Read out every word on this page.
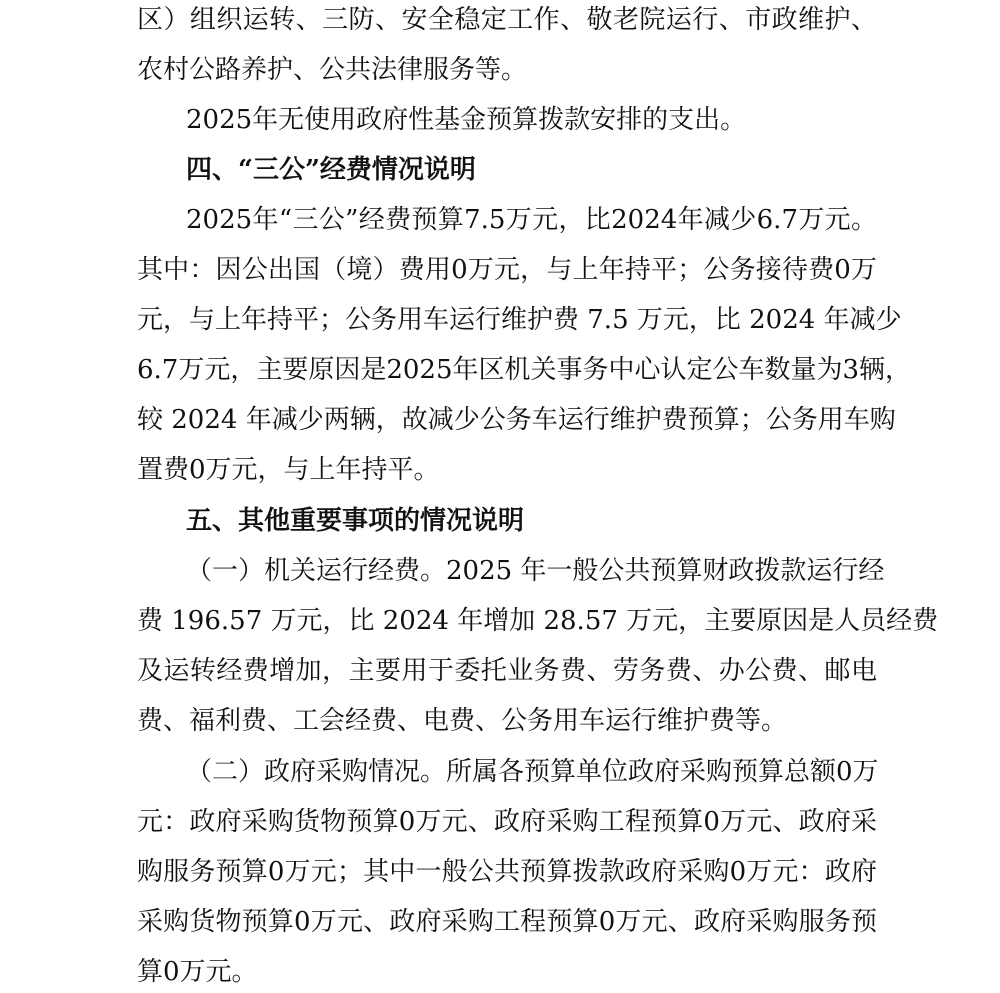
区）组织运转、三防、安全稳定工作、敬老院运行、市政维护、
农村公路养护、公共法律服务等。
2025年无使用政府性基金预算拨款安排的支出。
四、“三公”经费情况说明
2025年“三公”经费预算7.5万元，比2024年减少6.7万元。
其中：因公出国（境）费用0万元，与上年持平；公务接待费0万
元，与上年持平；公务用车运行维护费 7.5 万元，比 2024 年减少
6.7万元，主要原因是2025年区机关事务中心认定公车数量为3辆，
较 2024 年减少两辆，故减少公务车运行维护费预算；公务用车购
置费0万元，与上年持平。
五、其他重要事项的情况说明
（一）机关运行经费。2025 年一般公共预算财政拨款运行经
费 196.57 万元，比 2024 年增加 28.57 万元，主要原因是人员经费
及运转经费增加，主要用于委托业务费、劳务费、办公费、邮电
费、福利费、工会经费、电费、公务用车运行维护费等。
（二）政府采购情况。所属各预算单位政府采购预算总额0万
元：政府采购货物预算0万元、政府采购工程预算0万元、政府采
购服务预算0万元；其中一般公共预算拨款政府采购0万元：政府
采购货物预算0万元、政府采购工程预算0万元、政府采购服务预
算0万元。
